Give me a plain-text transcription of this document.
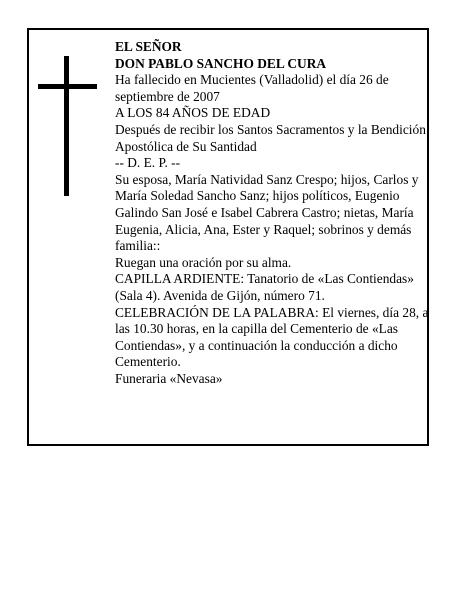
EL SEÑOR

DON PABLO SANCHO DEL CURA

Ha fallecido en Mucientes (Valladolid) el día 26 de septiembre de 2007

A LOS 84 AÑOS DE EDAD

Después de recibir los Santos Sacramentos y la Bendición Apostólica de Su Santidad

-- D. E. P. --

Su esposa, María Natividad Sanz Crespo; hijos, Carlos y María Soledad Sancho Sanz; hijos políticos, Eugenio Galindo San José e Isabel Cabrera Castro; nietas, María Eugenia, Alicia, Ana, Ester y Raquel; sobrinos y demás familia::

Ruegan una oración por su alma.

CAPILLA ARDIENTE: Tanatorio de «Las Contiendas» (Sala 4). Avenida de Gijón, número 71.

CELEBRACIÓN DE LA PALABRA: El viernes, día 28, a las 10.30 horas, en la capilla del Cementerio de «Las Contiendas», y a continuación la conducción a dicho Cementerio.

Funeraria «Nevasa»
